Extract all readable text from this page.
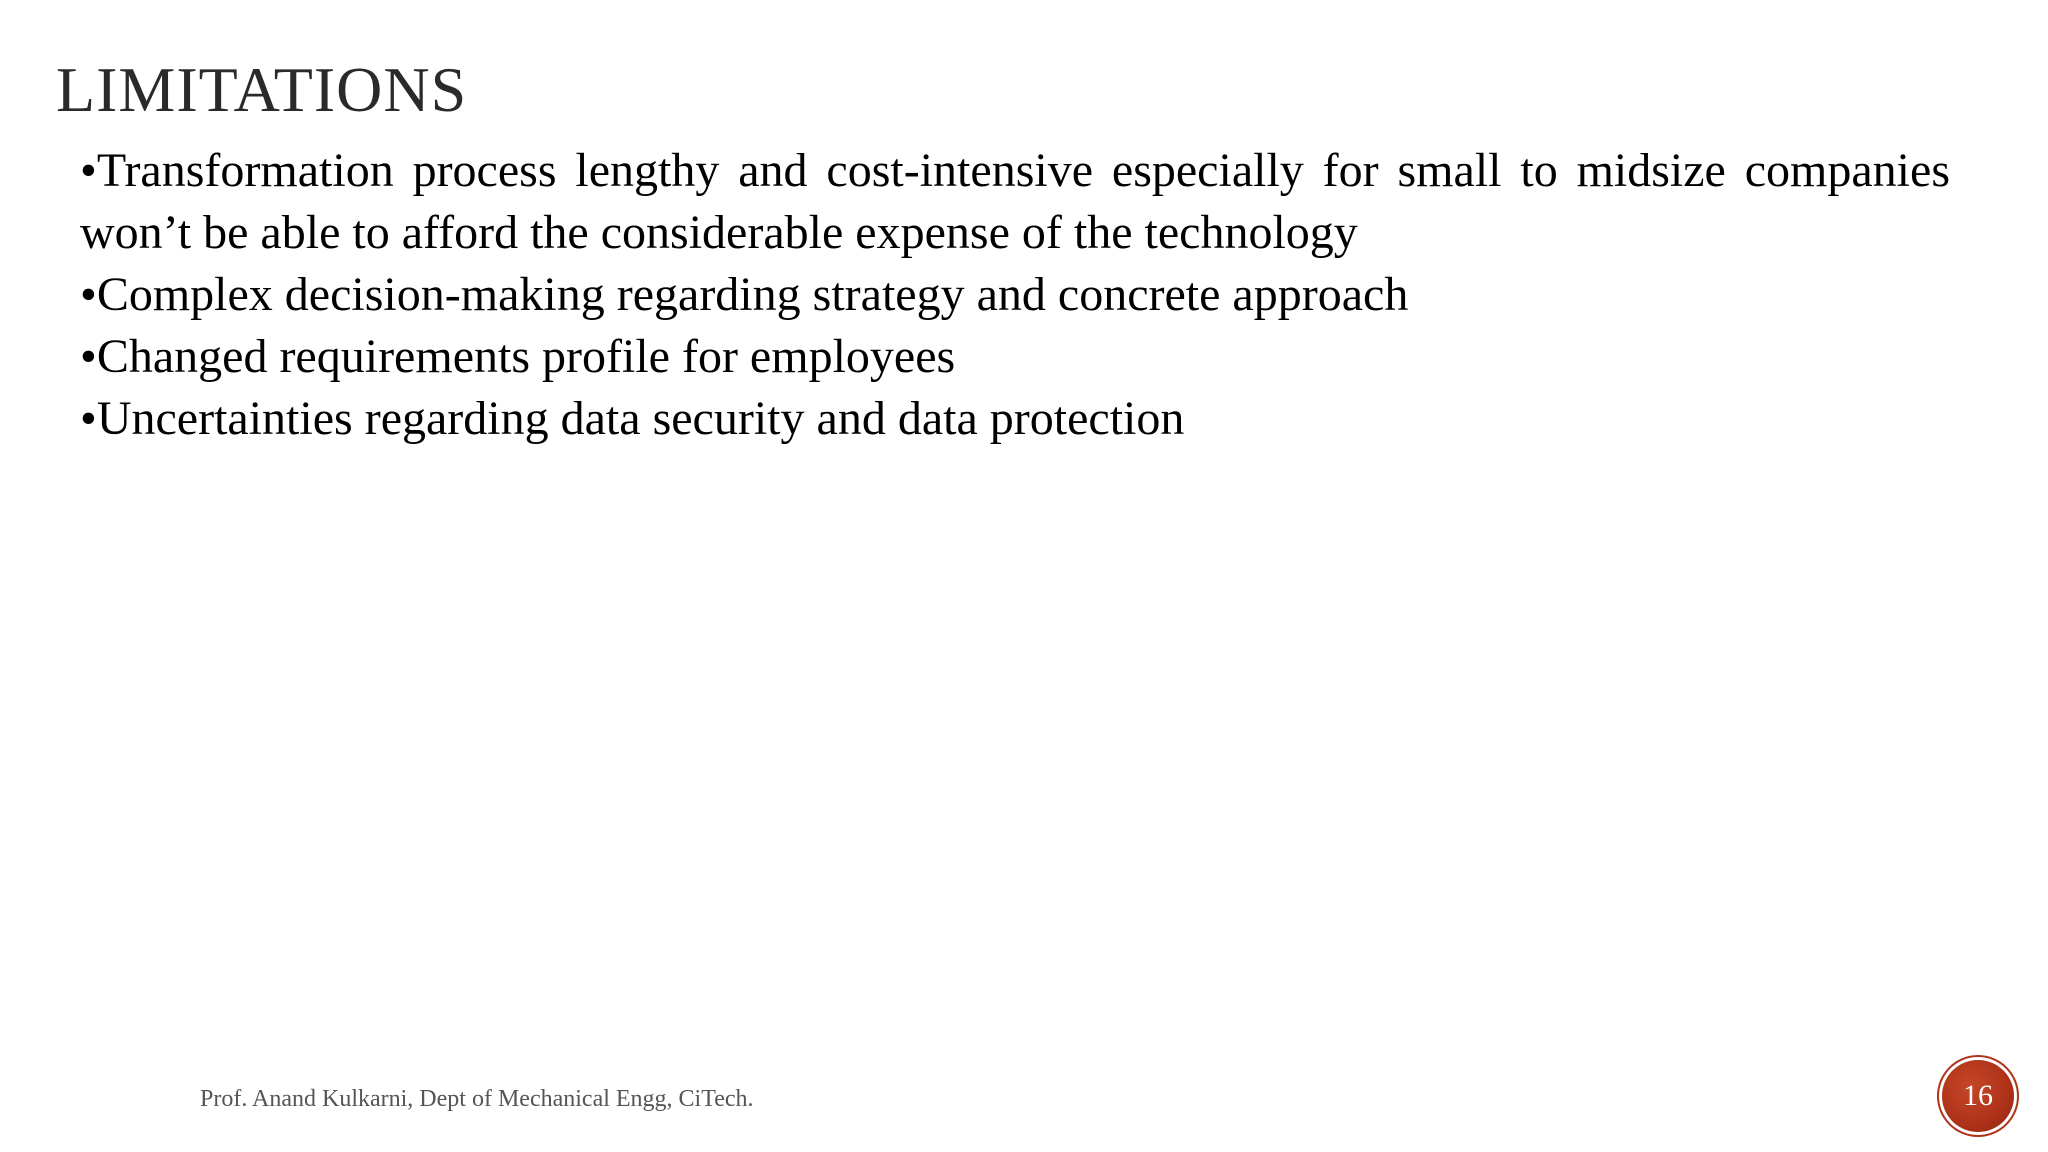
LIMITATIONS
•Transformation process lengthy and cost-intensive especially for small to midsize companies won’t be able to afford the considerable expense of the technology
•Complex decision-making regarding strategy and concrete approach
•Changed requirements profile for employees
•Uncertainties regarding data security and data protection
Prof. Anand Kulkarni, Dept of Mechanical Engg, CiTech.	16
